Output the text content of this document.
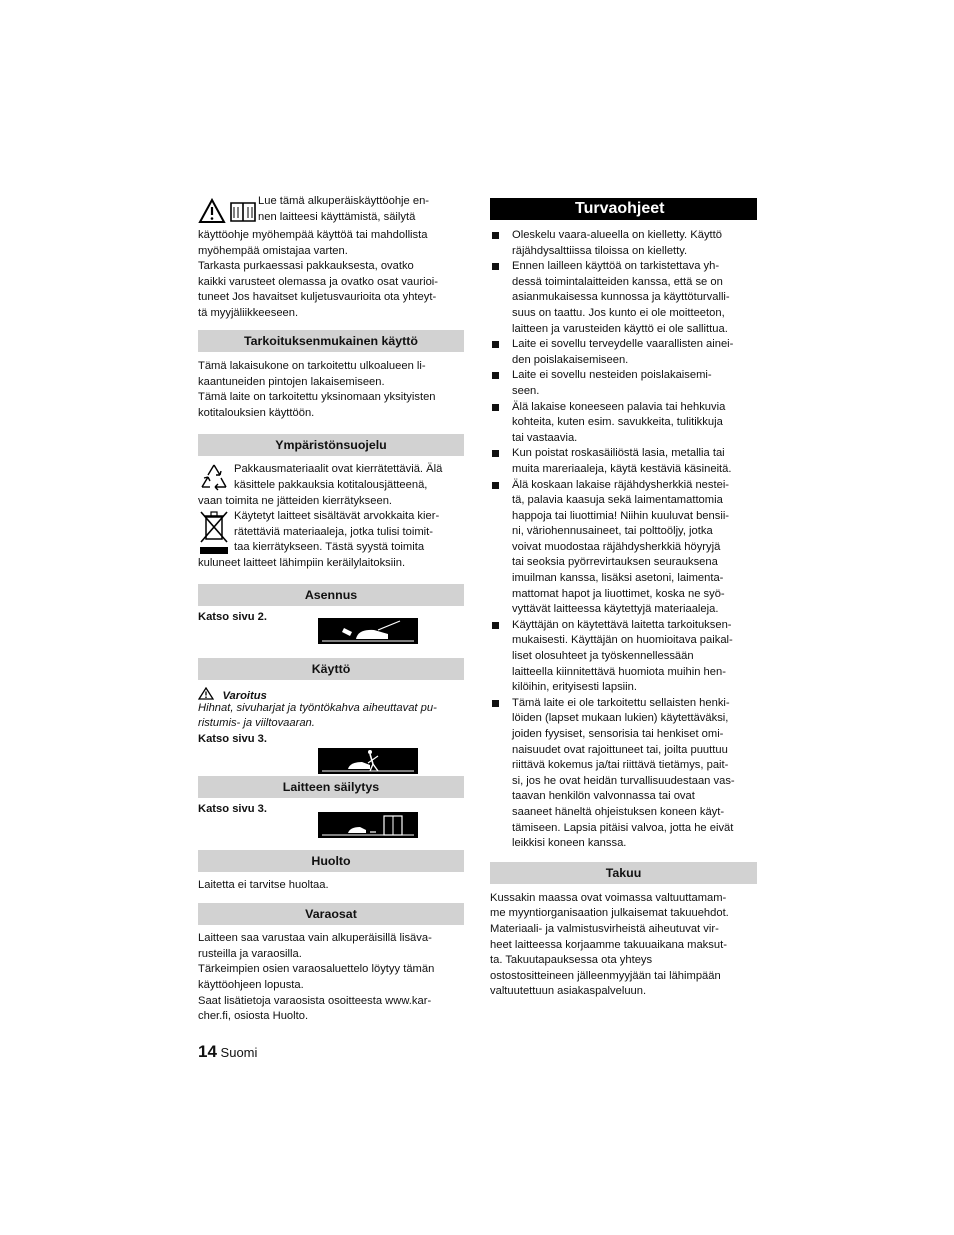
Lue tämä alkuperäiskäyttöohje en-

nen laitteesi käyttämistä, säilytä

käyttöohje myöhempää käyttöä tai mahdollista

myöhempää omistajaa varten.

Tarkasta purkaessasi pakkauksesta, ovatko

kaikki varusteet olemassa ja ovatko osat vaurioi-

tuneet Jos havaitset kuljetusvaurioita ota yhteyt-

tä myyjäliikkeeseen.

Tarkoituksenmukainen käyttö

Tämä lakaisukone on tarkoitettu ulkoalueen li-

kaantuneiden pintojen lakaisemiseen.

Tämä laite on tarkoitettu yksinomaan yksityisten

kotitalouksien käyttöön.

Ympäristönsuojelu

Pakkausmateriaalit ovat kierrätettäviä. Älä

käsittele pakkauksia kotitalousjätteenä,

vaan toimita ne jätteiden kierrätykseen.

Käytetyt laitteet sisältävät arvokkaita kier-

rätettäviä materiaaleja, jotka tulisi toimit-

taa kierrätykseen. Tästä syystä toimita

kuluneet laitteet lähimpiin keräilylaitoksiin.

Asennus

Katso sivu 2.

Käyttö
Varoitus

Hihnat, sivuharjat ja työntökahva aiheuttavat pu-

ristumis- ja viiltovaaran.

Katso sivu 3.

Laitteen säilytys

Katso sivu 3.

Huolto

Laitetta ei tarvitse huoltaa.

Varaosat

Laitteen saa varustaa vain alkuperäisillä lisäva-

rusteilla ja varaosilla.

Tärkeimpien osien varaosaluettelo löytyy tämän

käyttöohjeen lopusta.

Saat lisätietoja varaosista osoitteesta www.kar-

cher.fi, osiosta Huolto.

Turvaohjeet
Oleskelu vaara-alueella on kielletty. Käyttö
räjähdysalttiissa tiloissa on kielletty.
Ennen lailleen käyttöä on tarkistettava yh-
dessä toimintalaitteiden kanssa, että se on
asianmukaisessa kunnossa ja käyttöturvalli-
suus on taattu. Jos kunto ei ole moitteeton,
laitteen ja varusteiden käyttö ei ole sallittua.
Laite ei sovellu terveydelle vaarallisten ainei-
den poislakaisemiseen.
Laite ei sovellu nesteiden poislakaisemi-
seen.
Älä lakaise koneeseen palavia tai hehkuvia
kohteita, kuten esim. savukkeita, tulitikkuja
tai vastaavia.
Kun poistat roskasäiliöstä lasia, metallia tai
muita mareriaaleja, käytä kestäviä käsineitä.
Älä koskaan lakaise räjähdysherkkiä nestei-
tä, palavia kaasuja sekä laimentamattomia
happoja tai liuottimia! Niihin kuuluvat bensii-
ni, väriohennusaineet, tai polttoöljy, jotka
voivat muodostaa räjähdysherkkiä höyryjä
tai seoksia pyörrevirtauksen seurauksena
imuilman kanssa, lisäksi asetoni, laimenta-
mattomat hapot ja liuottimet, koska ne syö-
vyttävät laitteessa käytettyjä materiaaleja.
Käyttäjän on käytettävä laitetta tarkoituksen-
mukaisesti. Käyttäjän on huomioitava paikal-
liset olosuhteet ja työskennellessään
laitteella kiinnitettävä huomiota muihin hen-
kilöihin, erityisesti lapsiin.
Tämä laite ei ole tarkoitettu sellaisten henki-
löiden (lapset mukaan lukien) käytettäväksi,
joiden fyysiset, sensorisia tai henkiset omi-
naisuudet ovat rajoittuneet tai, joilta puuttuu
riittävä kokemus ja/tai riittävä tietämys, pait-
si, jos he ovat heidän turvallisuudestaan vas-
taavan henkilön valvonnassa tai ovat
saaneet häneltä ohjeistuksen koneen käyt-
tämiseen. Lapsia pitäisi valvoa, jotta he eivät
leikkisi koneen kanssa.
Takuu

Kussakin maassa ovat voimassa valtuuttamam-

me myyntiorganisaation julkaisemat takuuehdot.

Materiaali- ja valmistusvirheistä aiheutuvat vir-

heet laitteessa korjaamme takuuaikana maksut-

ta. Takuutapauksessa ota yhteys

ostostositteineen jälleenmyyjään tai lähimpään

valtuutettuun asiakaspalveluun.

14 Suomi
